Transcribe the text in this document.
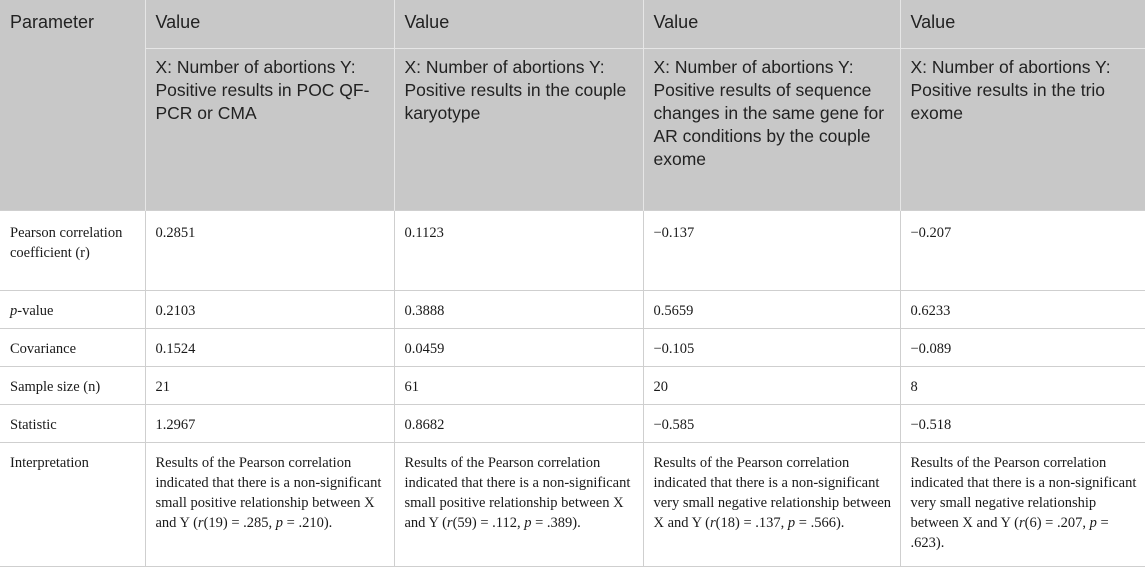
Parameter	Value	Value	Value	Value
	X: Number of abortions Y: Positive results in POC QF-PCR or CMA	X: Number of abortions Y: Positive results in the couple karyotype	X: Number of abortions Y: Positive results of sequence changes in the same gene for AR conditions by the couple exome	X: Number of abortions Y: Positive results in the trio exome
Pearson correlation coefficient (r)	0.2851	0.1123	−0.137	−0.207
p-value	0.2103	0.3888	0.5659	0.6233
Covariance	0.1524	0.0459	−0.105	−0.089
Sample size (n)	21	61	20	8
Statistic	1.2967	0.8682	−0.585	−0.518
Interpretation	Results of the Pearson correlation indicated that there is a non-significant small positive relationship between X and Y (r(19) = .285, p = .210).	Results of the Pearson correlation indicated that there is a non-significant small positive relationship between X and Y (r(59) = .112, p = .389).	Results of the Pearson correlation indicated that there is a non-significant very small negative relationship between X and Y (r(18) = .137, p = .566).	Results of the Pearson correlation indicated that there is a non-significant very small negative relationship between X and Y (r(6) = .207, p = .623).
